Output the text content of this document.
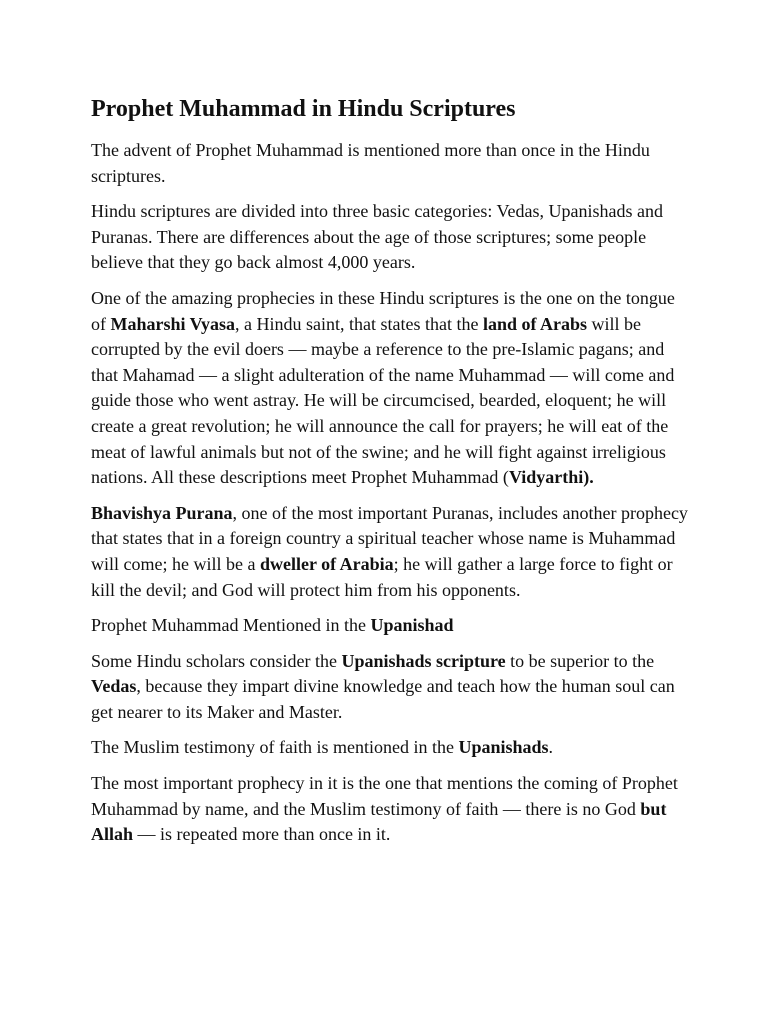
Prophet Muhammad in Hindu Scriptures

The advent of Prophet Muhammad is mentioned more than once in the Hindu scriptures.

Hindu scriptures are divided into three basic categories: Vedas, Upanishads and Puranas. There are differences about the age of those scriptures; some people believe that they go back almost 4,000 years.

One of the amazing prophecies in these Hindu scriptures is the one on the tongue of Maharshi Vyasa, a Hindu saint, that states that the land of Arabs will be corrupted by the evil doers — maybe a reference to the pre-Islamic pagans; and that Mahamad — a slight adulteration of the name Muhammad — will come and guide those who went astray. He will be circumcised, bearded, eloquent; he will create a great revolution; he will announce the call for prayers; he will eat of the meat of lawful animals but not of the swine; and he will fight against irreligious nations. All these descriptions meet Prophet Muhammad (Vidyarthi).

Bhavishya Purana, one of the most important Puranas, includes another prophecy that states that in a foreign country a spiritual teacher whose name is Muhammad will come; he will be a dweller of Arabia; he will gather a large force to fight or kill the devil; and God will protect him from his opponents.

Prophet Muhammad Mentioned in the Upanishad

Some Hindu scholars consider the Upanishads scripture to be superior to the Vedas, because they impart divine knowledge and teach how the human soul can get nearer to its Maker and Master.

The Muslim testimony of faith is mentioned in the Upanishads.

The most important prophecy in it is the one that mentions the coming of Prophet Muhammad by name, and the Muslim testimony of faith — there is no God but Allah — is repeated more than once in it.
